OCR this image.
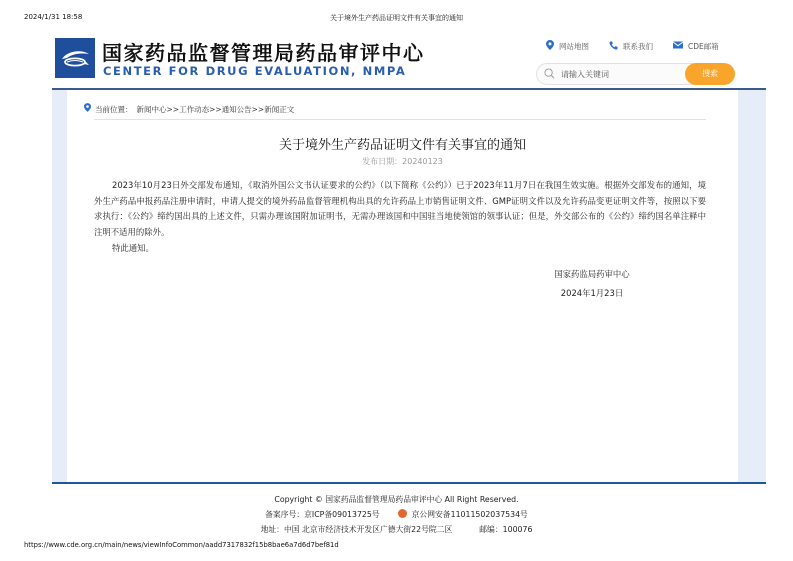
2024/1/31 18:58	关于境外生产药品证明文件有关事宜的通知
国家药品监督管理局药品审评中心
CENTER FOR DRUG EVALUATION, NMPA
网站地图	联系我们	CDE邮箱
请输入关键词
搜索
当前位置： 新闻中心>>工作动态>>通知公告>>新闻正文
关于境外生产药品证明文件有关事宜的通知
发布日期：20240123

2023年10月23日外交部发布通知，《取消外国公文书认证要求的公约》（以下简称《公约》）已于2023年11月7日在我国生效实施。根据外交部发布的通知，境外生产药品申报药品注册申请时，申请人提交的境外药品监督管理机构出具的允许药品上市销售证明文件、GMP证明文件以及允许药品变更证明文件等，按照以下要求执行：《公约》缔约国出具的上述文件，只需办理该国附加证明书，无需办理该国和中国驻当地使领馆的领事认证；但是，外交部公布的《公约》缔约国名单注释中注明不适用的除外。

特此通知。

国家药监局药审中心
2024年1月23日
Copyright © 国家药品监督管理局药品审评中心 All Right Reserved.
备案序号：京ICP备09013725号	京公网安备11011502037534号
地址：中国 北京市经济技术开发区广德大街22号院二区	邮编：100076
https://www.cde.org.cn/main/news/viewInfoCommon/aadd7317832f15b8bae6a7d6d7bef81d
